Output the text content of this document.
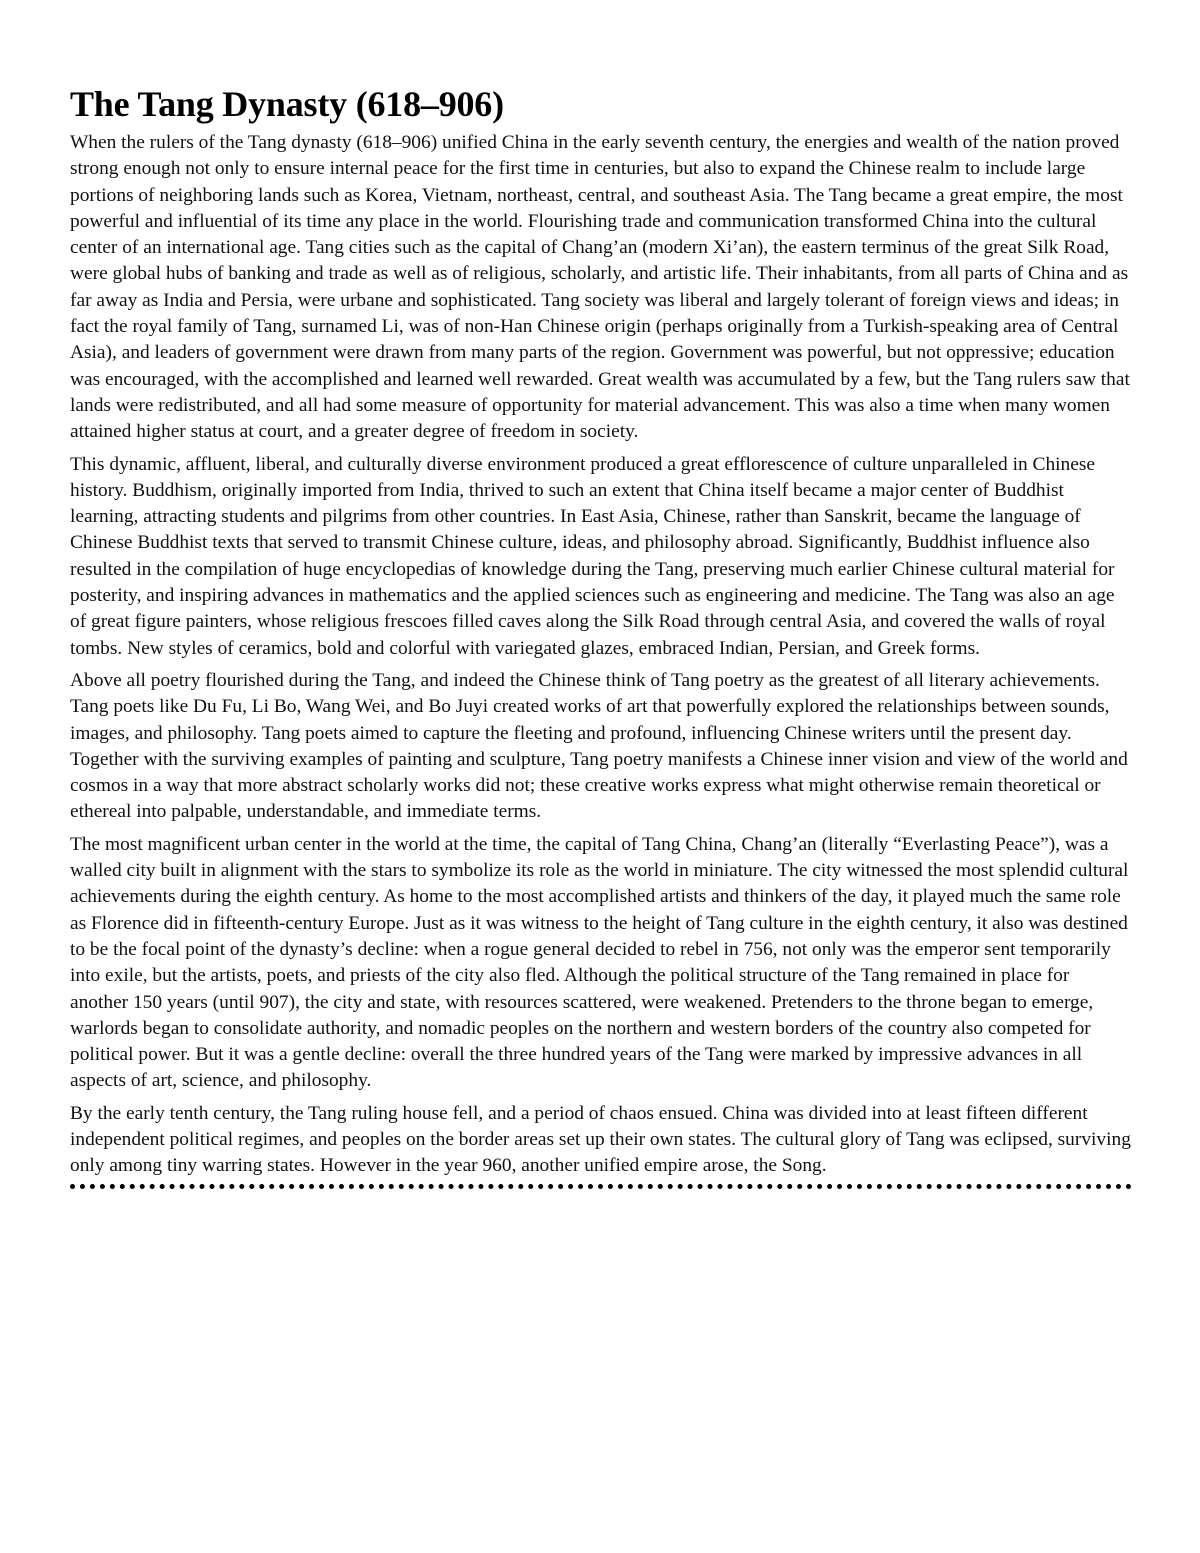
The Tang Dynasty (618–906)

When the rulers of the Tang dynasty (618–906) unified China in the early seventh century, the energies and wealth of the nation proved strong enough not only to ensure internal peace for the first time in centuries, but also to expand the Chinese realm to include large portions of neighboring lands such as Korea, Vietnam, northeast, central, and southeast Asia. The Tang became a great empire, the most powerful and influential of its time any place in the world. Flourishing trade and communication transformed China into the cultural center of an international age. Tang cities such as the capital of Chang’an (modern Xi’an), the eastern terminus of the great Silk Road, were global hubs of banking and trade as well as of religious, scholarly, and artistic life. Their inhabitants, from all parts of China and as far away as India and Persia, were urbane and sophisticated. Tang society was liberal and largely tolerant of foreign views and ideas; in fact the royal family of Tang, surnamed Li, was of non-Han Chinese origin (perhaps originally from a Turkish-speaking area of Central Asia), and leaders of government were drawn from many parts of the region. Government was powerful, but not oppressive; education was encouraged, with the accomplished and learned well rewarded. Great wealth was accumulated by a few, but the Tang rulers saw that lands were redistributed, and all had some measure of opportunity for material advancement. This was also a time when many women attained higher status at court, and a greater degree of freedom in society.

This dynamic, affluent, liberal, and culturally diverse environment produced a great efflorescence of culture unparalleled in Chinese history. Buddhism, originally imported from India, thrived to such an extent that China itself became a major center of Buddhist learning, attracting students and pilgrims from other countries. In East Asia, Chinese, rather than Sanskrit, became the language of Chinese Buddhist texts that served to transmit Chinese culture, ideas, and philosophy abroad. Significantly, Buddhist influence also resulted in the compilation of huge encyclopedias of knowledge during the Tang, preserving much earlier Chinese cultural material for posterity, and inspiring advances in mathematics and the applied sciences such as engineering and medicine. The Tang was also an age of great figure painters, whose religious frescoes filled caves along the Silk Road through central Asia, and covered the walls of royal tombs. New styles of ceramics, bold and colorful with variegated glazes, embraced Indian, Persian, and Greek forms.

Above all poetry flourished during the Tang, and indeed the Chinese think of Tang poetry as the greatest of all literary achievements. Tang poets like Du Fu, Li Bo, Wang Wei, and Bo Juyi created works of art that powerfully explored the relationships between sounds, images, and philosophy. Tang poets aimed to capture the fleeting and profound, influencing Chinese writers until the present day. Together with the surviving examples of painting and sculpture, Tang poetry manifests a Chinese inner vision and view of the world and cosmos in a way that more abstract scholarly works did not; these creative works express what might otherwise remain theoretical or ethereal into palpable, understandable, and immediate terms.

The most magnificent urban center in the world at the time, the capital of Tang China, Chang’an (literally “Everlasting Peace”), was a walled city built in alignment with the stars to symbolize its role as the world in miniature. The city witnessed the most splendid cultural achievements during the eighth century. As home to the most accomplished artists and thinkers of the day, it played much the same role as Florence did in fifteenth-century Europe. Just as it was witness to the height of Tang culture in the eighth century, it also was destined to be the focal point of the dynasty’s decline: when a rogue general decided to rebel in 756, not only was the emperor sent temporarily into exile, but the artists, poets, and priests of the city also fled. Although the political structure of the Tang remained in place for another 150 years (until 907), the city and state, with resources scattered, were weakened. Pretenders to the throne began to emerge, warlords began to consolidate authority, and nomadic peoples on the northern and western borders of the country also competed for political power. But it was a gentle decline: overall the three hundred years of the Tang were marked by impressive advances in all aspects of art, science, and philosophy.

By the early tenth century, the Tang ruling house fell, and a period of chaos ensued. China was divided into at least fifteen different independent political regimes, and peoples on the border areas set up their own states. The cultural glory of Tang was eclipsed, surviving only among tiny warring states. However in the year 960, another unified empire arose, the Song.
